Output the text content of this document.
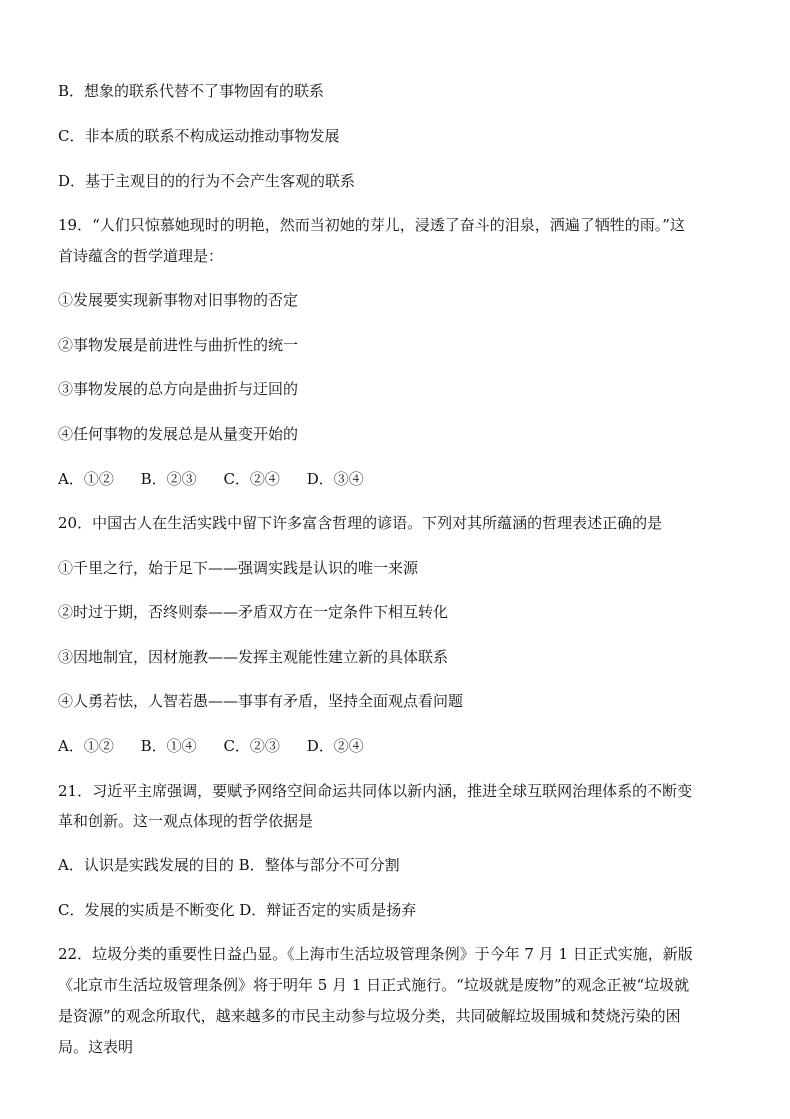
B．想象的联系代替不了事物固有的联系
C．非本质的联系不构成运动推动事物发展
D．基于主观目的的行为不会产生客观的联系
19．“人们只惊慕她现时的明艳，然而当初她的芽儿，浸透了奋斗的泪泉，洒遍了牺牲的雨。”这
首诗蕴含的哲学道理是：
①发展要实现新事物对旧事物的否定
②事物发展是前进性与曲折性的统一
③事物发展的总方向是曲折与迂回的
④任何事物的发展总是从量变开始的
A．①② B．②③ C．②④ D．③④
20．中国古人在生活实践中留下许多富含哲理的谚语。下列对其所蕴涵的哲理表述正确的是
①千里之行，始于足下——强调实践是认识的唯一来源
②时过于期，否终则泰——矛盾双方在一定条件下相互转化
③因地制宜，因材施教——发挥主观能性建立新的具体联系
④人勇若怯，人智若愚——事事有矛盾，坚持全面观点看问题
A．①② B．①④ C．②③ D．②④
21．习近平主席强调，要赋予网络空间命运共同体以新内涵，推进全球互联网治理体系的不断变
革和创新。这一观点体现的哲学依据是
A．认识是实践发展的目的 B．整体与部分不可分割
C．发展的实质是不断变化 D．辩证否定的实质是扬弃
22．垃圾分类的重要性日益凸显。《上海市生活垃圾管理条例》于今年 7 月 1 日正式实施，新版
《北京市生活垃圾管理条例》将于明年 5 月 1 日正式施行。“垃圾就是废物”的观念正被“垃圾就
是资源”的观念所取代，越来越多的市民主动参与垃圾分类，共同破解垃圾围城和焚烧污染的困
局。这表明
